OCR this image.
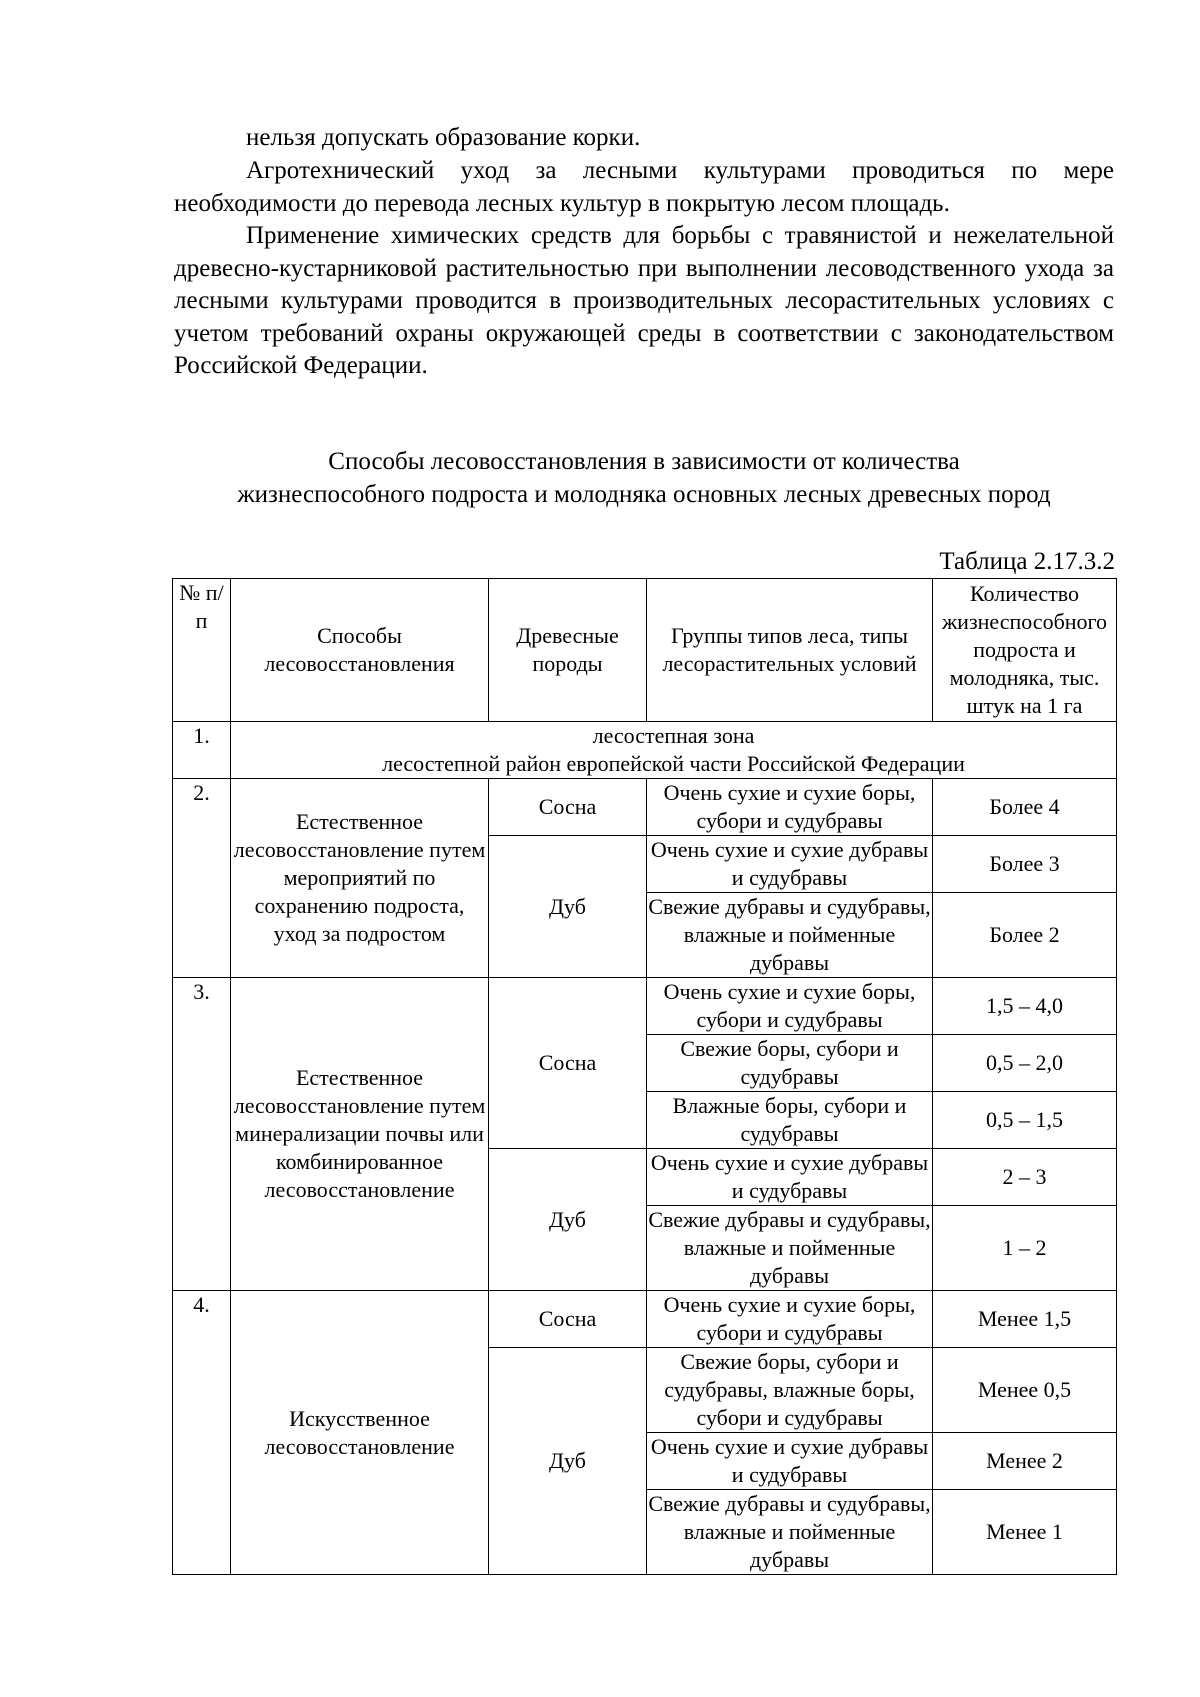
нельзя допускать образование корки.

Агротехнический уход за лесными культурами проводиться по мере необходимости до перевода лесных культур в покрытую лесом площадь.

Применение химических средств для борьбы с травянистой и нежелательной древесно-кустарниковой растительностью при выполнении лесоводственного ухода за лесными культурами проводится в производительных лесорастительных условиях с учетом требований охраны окружающей среды в соответствии с законодательством Российской Федерации.

Способы лесовосстановления в зависимости от количества
жизнеспособного подроста и молодняка основных лесных древесных пород
Таблица 2.17.3.2
№ п/п	Способы лесовосстановления	Древесные породы	Группы типов леса, типы лесорастительных условий	Количество жизнеспособного подроста и молодняка, тыс. штук на 1 га
1.	лесостепная зона
лесостепной район европейской части Российской Федерации			

2.	Естественное лесовосстановление путем мероприятий по сохранению подроста, уход за подростом	Сосна	Очень сухие и сухие боры, субори и судубравы	Более 4
		Дуб	Очень сухие и сухие дубравы и судубравы	Более 3
			Свежие дубравы и судубравы, влажные и пойменные дубравы	Более 2
3.	Естественное лесовосстановление путем минерализации почвы или комбинированное лесовосстановление	Сосна	Очень сухие и сухие боры, субори и судубравы	1,5 – 4,0
			Свежие боры, субори и судубравы	0,5 – 2,0
			Влажные боры, субори и судубравы	0,5 – 1,5
		Дуб	Очень сухие и сухие дубравы и судубравы	2 – 3
			Свежие дубравы и судубравы, влажные и пойменные дубравы	1 – 2
4.	Искусственное лесовосстановление	Сосна	Очень сухие и сухие боры, субори и судубравы	Менее 1,5
		Дуб	Свежие боры, субори и судубравы, влажные боры, субори и судубравы	Менее 0,5
			Очень сухие и сухие дубравы и судубравы	Менее 2
			Свежие дубравы и судубравы, влажные и пойменные дубравы	Менее 1
